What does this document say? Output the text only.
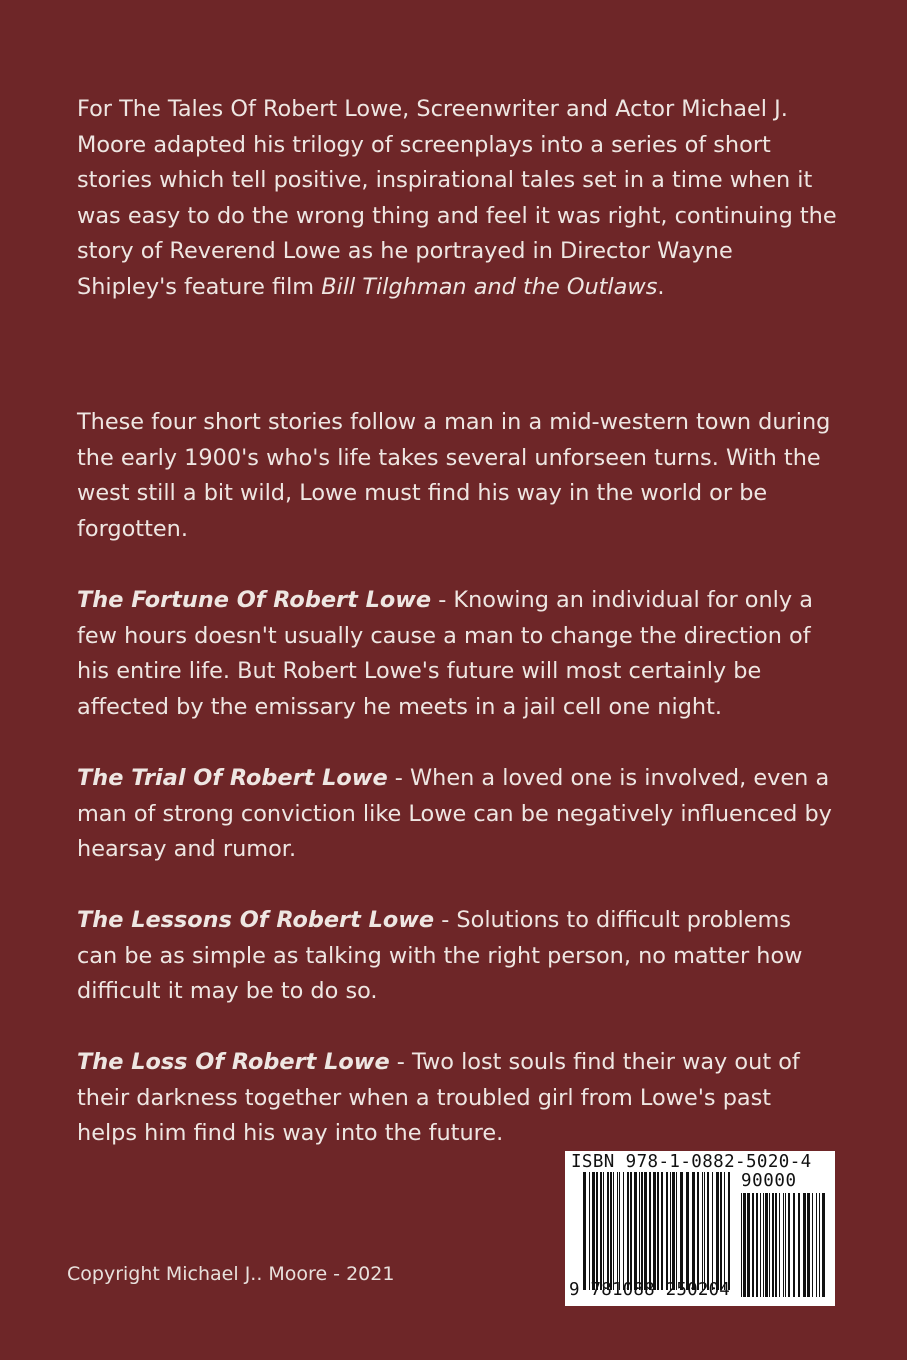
For The Tales Of Robert Lowe, Screenwriter and Actor Michael J. Moore adapted his trilogy of screenplays into a series of short stories which tell positive, inspirational tales set in a time when it was easy to do the wrong thing and feel it was right, continuing the story of Reverend Lowe as he portrayed in Director Wayne Shipley's feature film Bill Tilghman and the Outlaws.

These four short stories follow a man in a mid-western town during the early 1900's who's life takes several unforseen turns. With the west still a bit wild, Lowe must find his way in the world or be forgotten.

The Fortune Of Robert Lowe - Knowing an individual for only a few hours doesn't usually cause a man to change the direction of his entire life. But Robert Lowe's future will most certainly be affected by the emissary he meets in a jail cell one night.

The Trial Of Robert Lowe - When a loved one is involved, even a man of strong conviction like Lowe can be negatively influenced by hearsay and rumor.

The Lessons Of Robert Lowe - Solutions to difficult problems can be as simple as talking with the right person, no matter how difficult it may be to do so.

The Loss Of Robert Lowe - Two lost souls find their way out of their darkness together when a troubled girl from Lowe's past helps him find his way into the future.

Copyright Michael J.. Moore - 2021
ISBN 978-1-0882-5020-4
90000
9 781088 250204
